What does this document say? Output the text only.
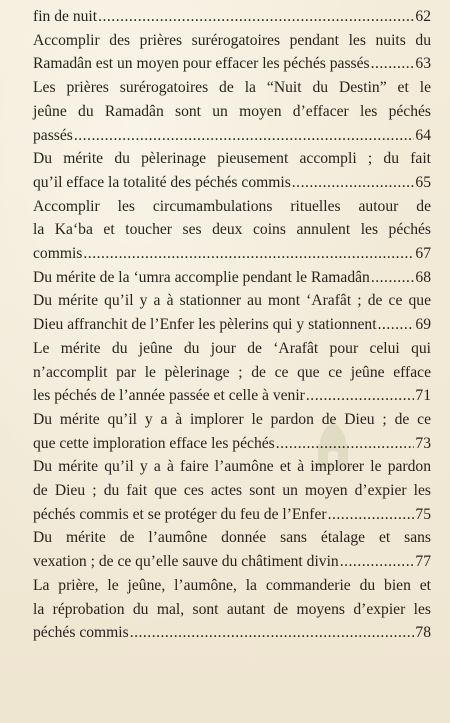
fin de nuit .....	62
Accomplir des prières surérogatoires pendant les nuits du
Ramadân est un moyen pour effacer les péchés passés .....	63
Les prières surérogatoires de la “Nuit du Destin” et le
jeûne du Ramadân sont un moyen d’effacer les péchés
passés .....	64
Du mérite du pèlerinage pieusement accompli ; du fait
qu’il efface la totalité des péchés commis .....	65
Accomplir les circumambulations rituelles autour de
la Ka‘ba et toucher ses deux coins annulent les péchés
commis .....	67
Du mérite de la ‘umra accomplie pendant le Ramadân .....	68
Du mérite qu’il y a à stationner au mont ‘Arafât ; de ce que
Dieu affranchit de l’Enfer les pèlerins qui y stationnent ..... 69
Le mérite du jeûne du jour de ‘Arafât pour celui qui
n’accomplit par le pèlerinage ; de ce que ce jeûne efface
les péchés de l’année passée et celle à venir .....	71
Du mérite qu’il y a à implorer le pardon de Dieu ; de ce
que cette imploration efface les péchés .....	73
Du mérite qu’il y a à faire l’aumône et à implorer le pardon
de Dieu ; du fait que ces actes sont un moyen d’expier les
péchés commis et se protéger du feu de l’Enfer .....	75
Du mérite de l’aumône donnée sans étalage et sans
vexation ; de ce qu’elle sauve du châtiment divin .....	77
La prière, le jeûne, l’aumône, la commanderie du bien et
la réprobation du mal, sont autant de moyens d’expier les
péchés commis .....	78
